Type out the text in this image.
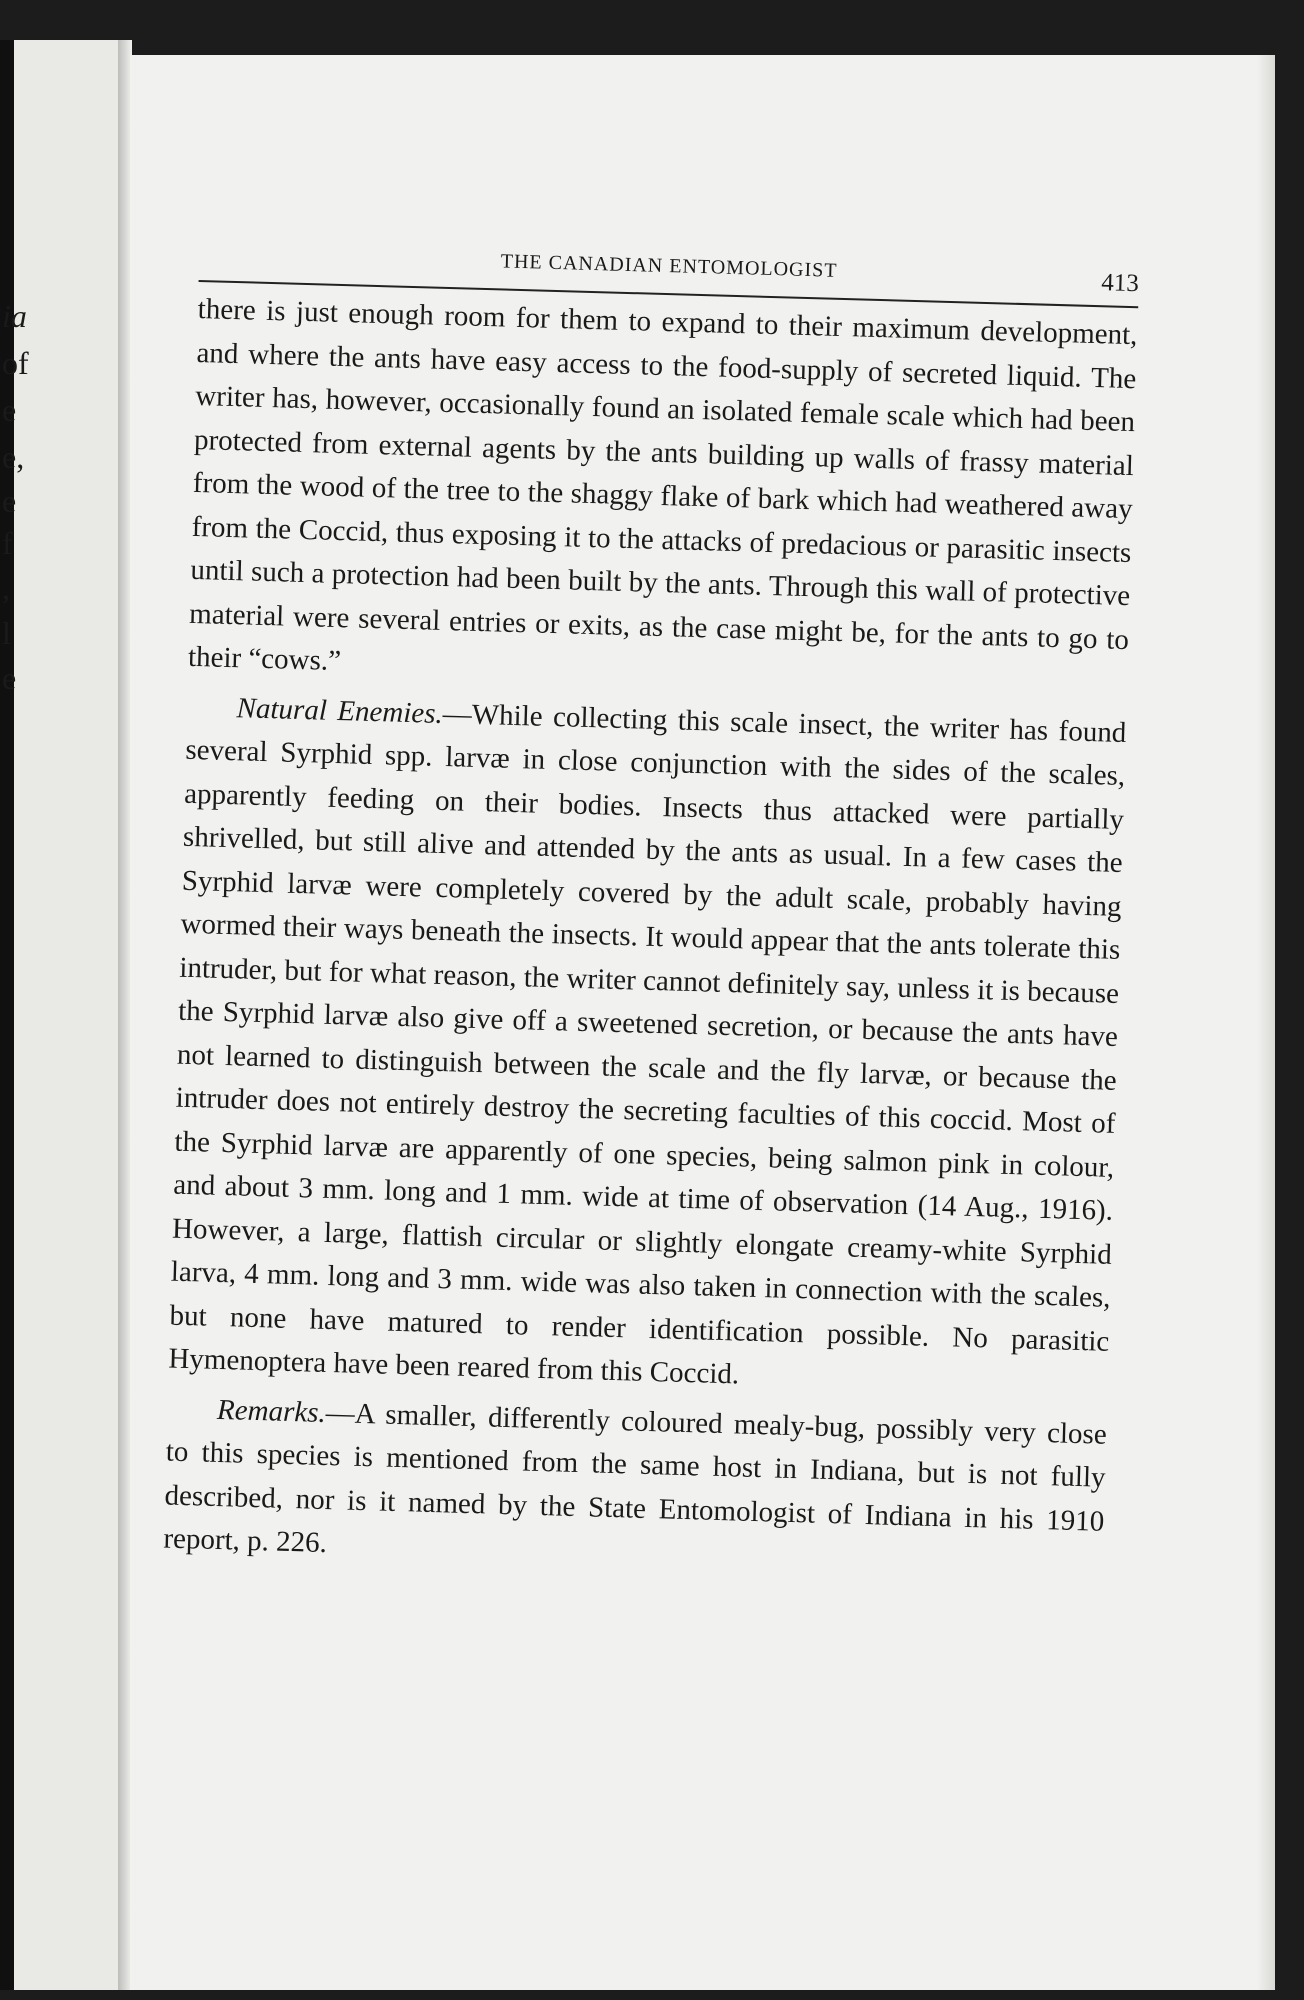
ia
of
e
e,
e
f
,
l
e
THE CANADIAN ENTOMOLOGIST
413

there is just enough room for them to expand to their maximum development, and where the ants have easy access to the food-supply of secreted liquid. The writer has, however, occasionally found an isolated female scale which had been protected from external agents by the ants building up walls of frassy material from the wood of the tree to the shaggy flake of bark which had weathered away from the Coccid, thus exposing it to the attacks of predacious or parasitic insects until such a protection had been built by the ants. Through this wall of protective material were several entries or exits, as the case might be, for the ants to go to their “cows.”

Natural Enemies.—While collecting this scale insect, the writer has found several Syrphid spp. larvæ in close conjunction with the sides of the scales, apparently feeding on their bodies. Insects thus attacked were partially shrivelled, but still alive and attended by the ants as usual. In a few cases the Syrphid larvæ were completely covered by the adult scale, probably having wormed their ways beneath the insects. It would appear that the ants tolerate this intruder, but for what reason, the writer cannot definitely say, unless it is because the Syrphid larvæ also give off a sweetened secretion, or because the ants have not learned to distinguish between the scale and the fly larvæ, or because the intruder does not entirely destroy the secreting faculties of this coccid. Most of the Syrphid larvæ are apparently of one species, being salmon pink in colour, and about 3 mm. long and 1 mm. wide at time of observation (14 Aug., 1916). However, a large, flattish circular or slightly elongate creamy-white Syrphid larva, 4 mm. long and 3 mm. wide was also taken in connection with the scales, but none have matured to render identification possible. No parasitic Hymenoptera have been reared from this Coccid.

Remarks.—A smaller, differently coloured mealy-bug, possibly very close to this species is mentioned from the same host in Indiana, but is not fully described, nor is it named by the State Entomologist of Indiana in his 1910 report, p. 226.
